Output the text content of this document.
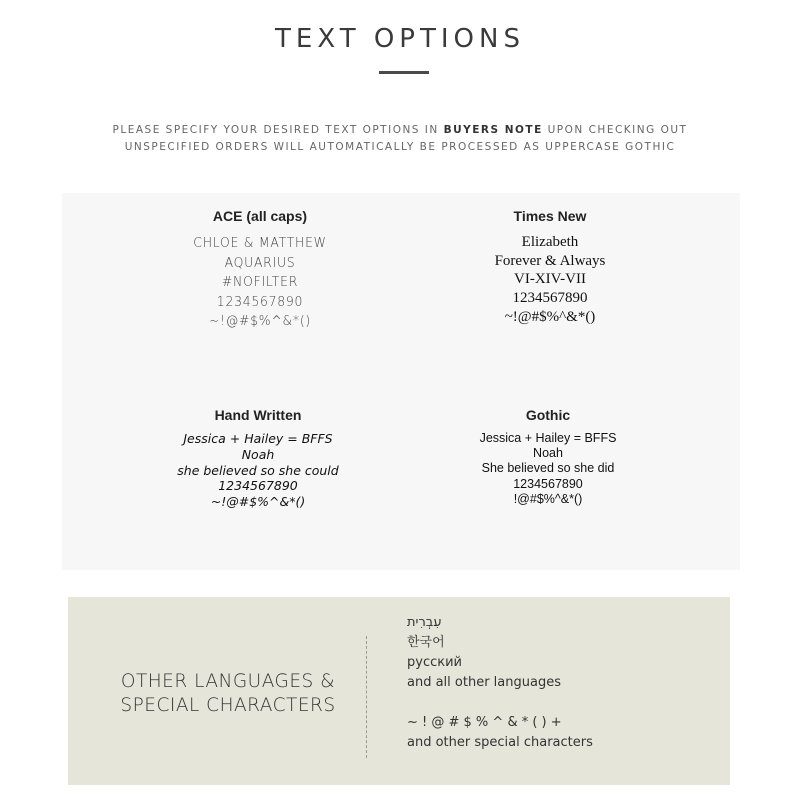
TEXT OPTIONS
PLEASE SPECIFY YOUR DESIRED TEXT OPTIONS IN BUYERS NOTE UPON CHECKING OUT
UNSPECIFIED ORDERS WILL AUTOMATICALLY BE PROCESSED AS UPPERCASE GOTHIC
ACE (all caps)
CHLOE & MATTHEW
AQUARIUS
#NOFILTER
1234567890
~!@#$%^&*()
Times New
Elizabeth
Forever & Always
VI-XIV-VII
1234567890
~!@#$%^&*()
Hand Written
Jessica + Hailey = BFFS
Noah
she believed so she could
1234567890
~!@#$%^&*()
Gothic
Jessica + Hailey = BFFS
Noah
She believed so she did
1234567890
!@#$%^&*()
OTHER LANGUAGES &
SPECIAL CHARACTERS
עִבְרִית
한국어
русский
and all other languages
~ ! @ # $ % ^ & * ( ) +
and other special characters
